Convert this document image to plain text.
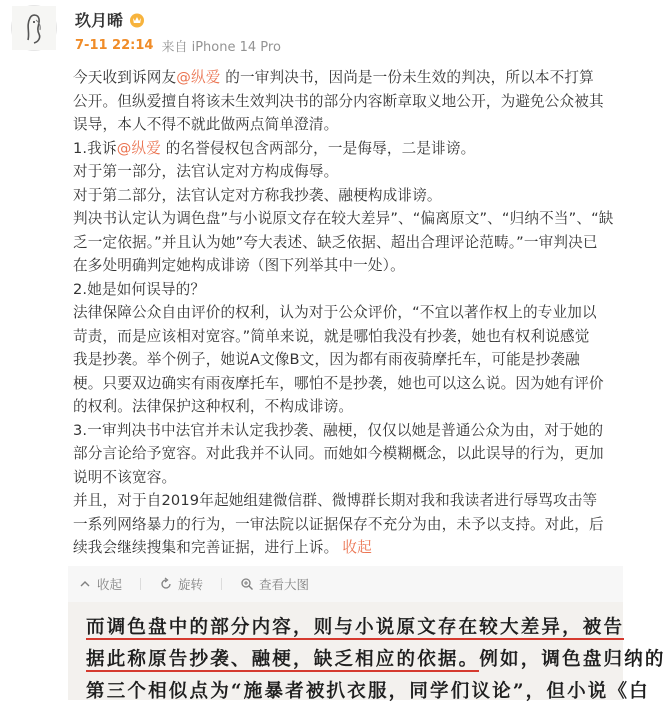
玖月晞
7-11 22:14 来自 iPhone 14 Pro

今天收到诉网友@纵爱 的一审判决书，因尚是一份未生效的判决，所以本不打算

公开。但纵爱擅自将该未生效判决书的部分内容断章取义地公开，为避免公众被其

误导，本人不得不就此做两点简单澄清。

1.我诉@纵爱 的名誉侵权包含两部分，一是侮辱，二是诽谤。

对于第一部分，法官认定对方构成侮辱。

对于第二部分，法官认定对方称我抄袭、融梗构成诽谤。

判决书认定认为调色盘”与小说原文存在较大差异”、“偏离原文”、“归纳不当”、“缺

乏一定依据。”并且认为她”夸大表述、缺乏依据、超出合理评论范畴。”一审判决已

在多处明确判定她构成诽谤（图下列举其中一处）。

2.她是如何误导的？

法律保障公众自由评价的权利，认为对于公众评价，“不宜以著作权上的专业加以

苛责，而是应该相对宽容。”简单来说，就是哪怕我没有抄袭，她也有权利说感觉

我是抄袭。举个例子，她说A文像B文，因为都有雨夜骑摩托车，可能是抄袭融

梗。只要双边确实有雨夜摩托车，哪怕不是抄袭，她也可以这么说。因为她有评价

的权利。法律保护这种权利，不构成诽谤。

3.一审判决书中法官并未认定我抄袭、融梗，仅仅以她是普通公众为由，对于她的

部分言论给予宽容。对此我并不认同。而她如今模糊概念，以此误导的行为，更加

说明不该宽容。

并且，对于自2019年起她组建微信群、微博群长期对我和我读者进行辱骂攻击等

一系列网络暴力的行为，一审法院以证据保存不充分为由，未予以支持。对此，后

续我会继续搜集和完善证据，进行上诉。 收起

收起	旋转	查看大图
而调色盘中的部分内容，则与小说原文存在较大差异，被告
据此称原告抄袭、融梗，缺乏相应的依据。例如，调色盘归纳的
第三个相似点为“施暴者被扒衣服，同学们议论”，但小说《白
